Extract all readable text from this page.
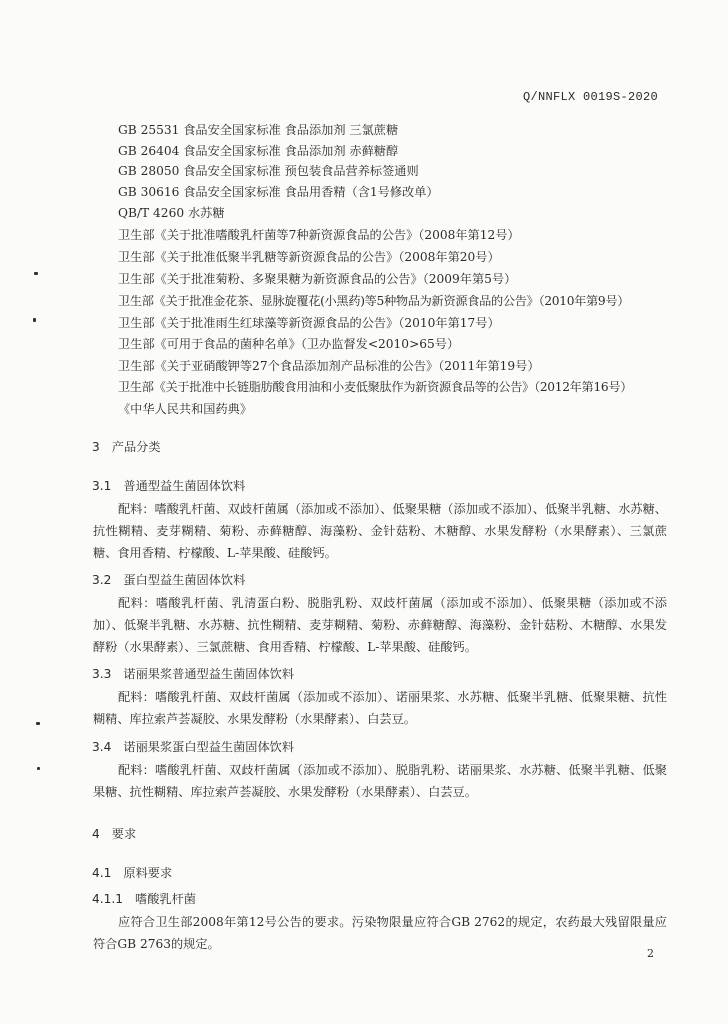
Q/NNFLX 0019S-2020
GB 25531 食品安全国家标准 食品添加剂 三氯蔗糖
GB 26404 食品安全国家标准 食品添加剂 赤藓糖醇
GB 28050 食品安全国家标准 预包装食品营养标签通则
GB 30616 食品安全国家标准 食品用香精（含1号修改单）
QB/T 4260 水苏糖
卫生部《关于批准嗜酸乳杆菌等7种新资源食品的公告》（2008年第12号）
卫生部《关于批准低聚半乳糖等新资源食品的公告》（2008年第20号）
卫生部《关于批准菊粉、多聚果糖为新资源食品的公告》（2009年第5号）
卫生部《关于批准金花茶、显脉旋覆花(小黑药)等5种物品为新资源食品的公告》（2010年第9号）
卫生部《关于批准雨生红球藻等新资源食品的公告》（2010年第17号）
卫生部《可用于食品的菌种名单》（卫办监督发<2010>65号）
卫生部《关于亚硝酸钾等27个食品添加剂产品标准的公告》（2011年第19号）
卫生部《关于批准中长链脂肪酸食用油和小麦低聚肽作为新资源食品等的公告》（2012年第16号）
《中华人民共和国药典》
3 产品分类
3.1 普通型益生菌固体饮料
配料：嗜酸乳杆菌、双歧杆菌属（添加或不添加）、低聚果糖（添加或不添加）、低聚半乳糖、水苏糖、抗性糊精、麦芽糊精、菊粉、赤藓糖醇、海藻粉、金针菇粉、木糖醇、水果发酵粉（水果酵素）、三氯蔗糖、食用香精、柠檬酸、L-苹果酸、硅酸钙。
3.2 蛋白型益生菌固体饮料
配料：嗜酸乳杆菌、乳清蛋白粉、脱脂乳粉、双歧杆菌属（添加或不添加）、低聚果糖（添加或不添加）、低聚半乳糖、水苏糖、抗性糊精、麦芽糊精、菊粉、赤藓糖醇、海藻粉、金针菇粉、木糖醇、水果发酵粉（水果酵素）、三氯蔗糖、食用香精、柠檬酸、L-苹果酸、硅酸钙。
3.3 诺丽果浆普通型益生菌固体饮料
配料：嗜酸乳杆菌、双歧杆菌属（添加或不添加）、诺丽果浆、水苏糖、低聚半乳糖、低聚果糖、抗性糊精、库拉索芦荟凝胶、水果发酵粉（水果酵素）、白芸豆。
3.4 诺丽果浆蛋白型益生菌固体饮料
配料：嗜酸乳杆菌、双歧杆菌属（添加或不添加）、脱脂乳粉、诺丽果浆、水苏糖、低聚半乳糖、低聚果糖、抗性糊精、库拉索芦荟凝胶、水果发酵粉（水果酵素）、白芸豆。
4 要求
4.1 原料要求
4.1.1 嗜酸乳杆菌
应符合卫生部2008年第12号公告的要求。污染物限量应符合GB 2762的规定，农药最大残留限量应符合GB 2763的规定。
2
